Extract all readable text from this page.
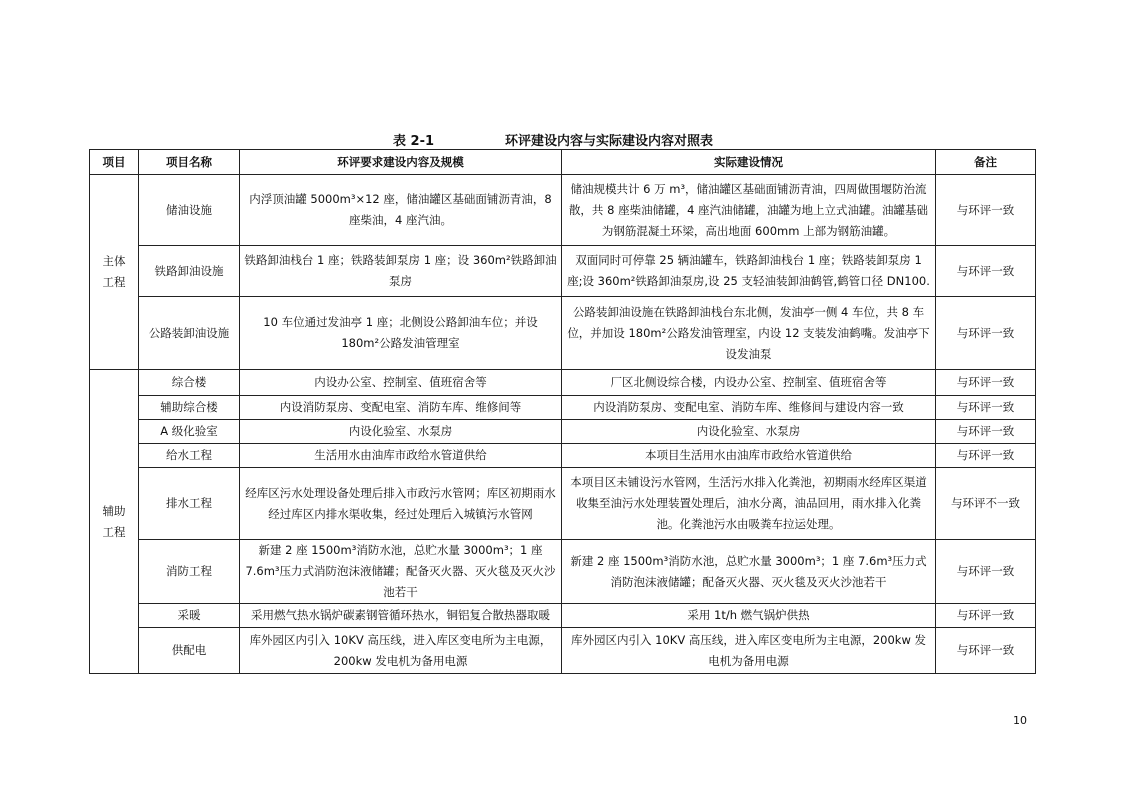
表 2-1	环评建设内容与实际建设内容对照表
项目	项目名称	环评要求建设内容及规模	实际建设情况	备注
主体工程	储油设施	内浮顶油罐 5000m³×12 座，储油罐区基础面铺沥青油，8 座柴油，4 座汽油。	储油规模共计 6 万 m³，储油罐区基础面铺沥青油，四周做围堰防治流散，共 8 座柴油储罐，4 座汽油储罐，油罐为地上立式油罐。油罐基础为钢筋混凝土环梁，高出地面 600mm 上部为钢筋油罐。	与环评一致
	铁路卸油设施	铁路卸油栈台 1 座；铁路装卸泵房 1 座；设 360m²铁路卸油泵房	双面同时可停靠 25 辆油罐车，铁路卸油栈台 1 座；铁路装卸泵房 1 座;设 360m²铁路卸油泵房,设 25 支轻油装卸油鹤管,鹤管口径 DN100.	与环评一致
	公路装卸油设施	10 车位通过发油亭 1 座；北侧设公路卸油车位；并设 180m²公路发油管理室	公路装卸油设施在铁路卸油栈台东北侧，发油亭一侧 4 车位，共 8 车位，并加设 180m²公路发油管理室，内设 12 支装发油鹤嘴。发油亭下设发油泵	与环评一致
辅助工程	综合楼	内设办公室、控制室、值班宿舍等	厂区北侧设综合楼，内设办公室、控制室、值班宿舍等	与环评一致
	辅助综合楼	内设消防泵房、变配电室、消防车库、维修间等	内设消防泵房、变配电室、消防车库、维修间与建设内容一致	与环评一致
	A 级化验室	内设化验室、水泵房	内设化验室、水泵房	与环评一致
	给水工程	生活用水由油库市政给水管道供给	本项目生活用水由油库市政给水管道供给	与环评一致
	排水工程	经库区污水处理设备处理后排入市政污水管网；库区初期雨水经过库区内排水渠收集，经过处理后入城镇污水管网	本项目区未铺设污水管网，生活污水排入化粪池，初期雨水经库区渠道收集至油污水处理装置处理后，油水分离，油品回用，雨水排入化粪池。化粪池污水由吸粪车拉运处理。	与环评不一致
	消防工程	新建 2 座 1500m³消防水池，总贮水量 3000m³；1 座 7.6m³压力式消防泡沫液储罐；配备灭火器、灭火毯及灭火沙池若干	新建 2 座 1500m³消防水池，总贮水量 3000m³；1 座 7.6m³压力式消防泡沫液储罐；配备灭火器、灭火毯及灭火沙池若干	与环评一致
	采暖	采用燃气热水锅炉碳素钢管循环热水，铜铝复合散热器取暖	采用 1t/h 燃气锅炉供热	与环评一致
	供配电	库外园区内引入 10KV 高压线，进入库区变电所为主电源，200kw 发电机为备用电源	库外园区内引入 10KV 高压线，进入库区变电所为主电源，200kw 发电机为备用电源	与环评一致
10
